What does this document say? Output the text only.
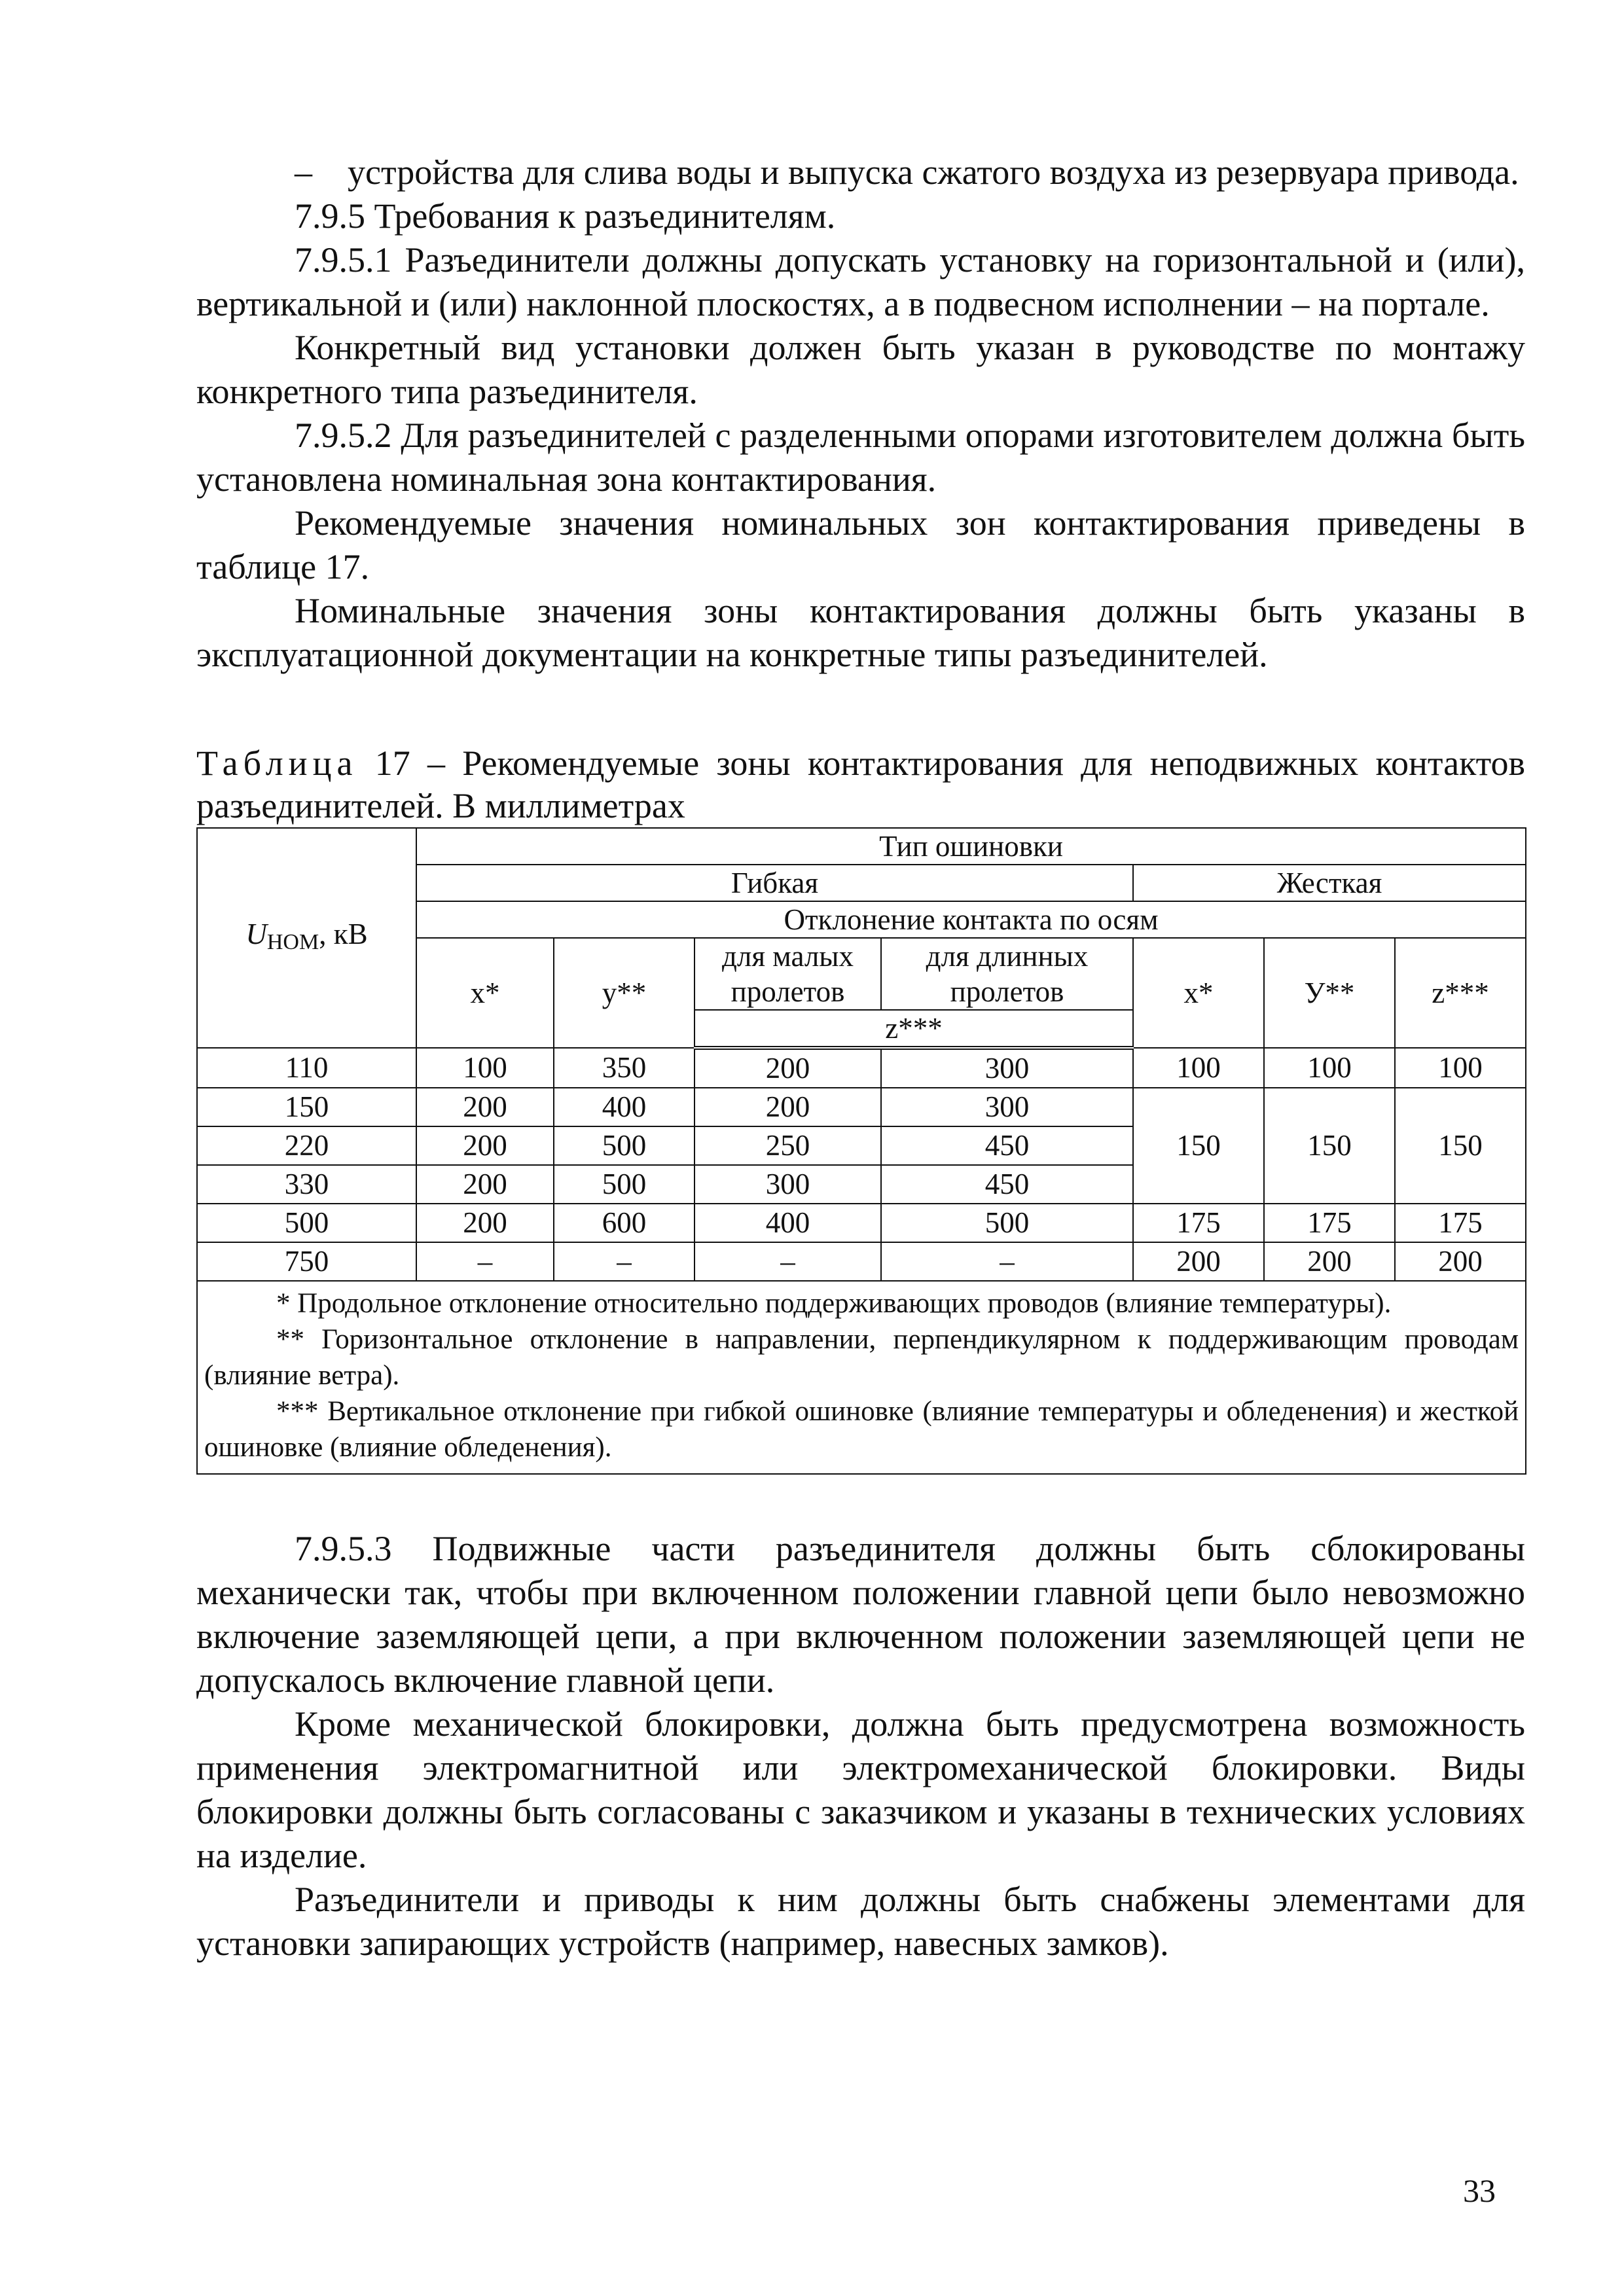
– устройства для слива воды и выпуска сжатого воздуха из резервуара привода.

7.9.5 Требования к разъединителям.

7.9.5.1 Разъединители должны допускать установку на горизонтальной и (или), вертикальной и (или) наклонной плоскостях, а в подвесном исполнении – на портале.

Конкретный вид установки должен быть указан в руководстве по монтажу конкретного типа разъединителя.

7.9.5.2 Для разъединителей с разделенными опорами изготовителем должна быть установлена номинальная зона контактирования.

Рекомендуемые значения номинальных зон контактирования приведены в таблице 17.

Номинальные значения зоны контактирования должны быть указаны в эксплуатационной документации на конкретные типы разъединителей.

Таблица 17 – Рекомендуемые зоны контактирования для неподвижных контактов разъединителей. В миллиметрах

$U_{НОМ}$, кВ	Тип ошиновки						
	Гибкая				Жесткая		
	Отклонение контакта по осям						
	x*	y**	для малых пролетов	для длинных пролетов	x*	У**	z***
			z***				
110	100	350	200	300	100	100	100
150	200	400	200	300	150	150	150
220	200	500	250	450			
330	200	500	300	450			
500	200	600	400	500	175	175	175
750	–	–	–	–	200	200	200

* Продольное отклонение относительно поддерживающих проводов (влияние температуры).

** Горизонтальное отклонение в направлении, перпендикулярном к поддерживающим проводам (влияние ветра).

*** Вертикальное отклонение при гибкой ошиновке (влияние температуры и обледенения) и жесткой ошиновке (влияние обледенения).							

7.9.5.3 Подвижные части разъединителя должны быть сблокированы механически так, чтобы при включенном положении главной цепи было невозможно включение заземляющей цепи, а при включенном положении заземляющей цепи не допускалось включение главной цепи.

Кроме механической блокировки, должна быть предусмотрена возможность применения электромагнитной или электромеханической блокировки. Виды блокировки должны быть согласованы с заказчиком и указаны в технических условиях на изделие.

Разъединители и приводы к ним должны быть снабжены элементами для установки запирающих устройств (например, навесных замков).

33
